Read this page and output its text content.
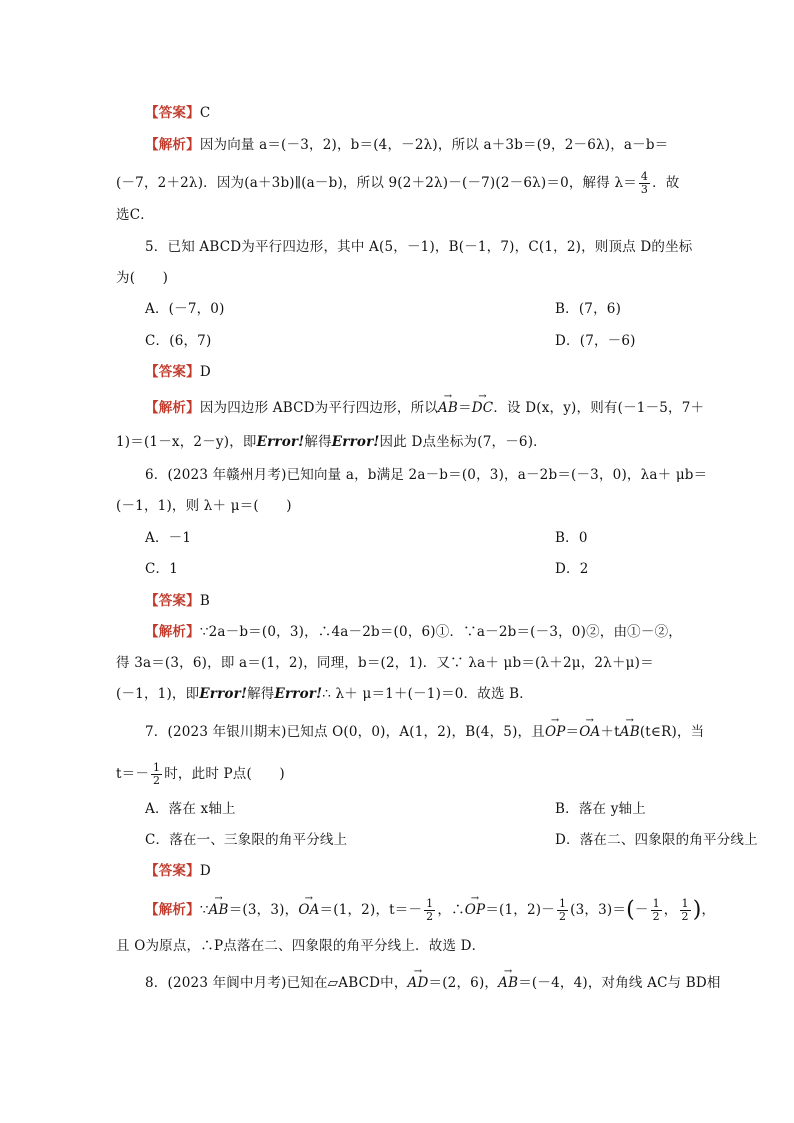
【答案】C
【解析】因为向量 a＝(－3，2)，b＝(4，－2λ)，所以 a＋3b＝(9，2－6λ)，a－b＝
(－7，2＋2λ)．因为(a＋3b)∥(a－b)，所以 9(2＋2λ)－(－7)(2－6λ)＝0，解得 $\lambda= \frac{4}{3}$ ．故
选C．
5．已知 ABCD为平行四边形，其中 A(5，－1)，B(－1，7)，C(1，2)，则顶点 D的坐标
为(　　)
A．(－7，0)	B．(7，6)
C．(6，7)	D．(7，－6)
【答案】D
【解析】因为四边形 ABCD为平行四边形，所以→ AB＝→ DC．设 D(x，y)，则有(－1－5，7＋
1)＝(1－x，2－y)，即Error!解得Error!因此 D点坐标为(7，－6)．
6．(2023 年赣州月考)已知向量 a，b满足 2a－b＝(0，3)，a－2b＝(－3，0)，λa＋ μb＝
(－1，1)，则 λ＋ μ＝(　　)
A．－1	B．0
C．1	D．2
【答案】B
【解析】∵2a－b＝(0，3)，∴4a－2b＝(0，6)①．∵a－2b＝(－3，0)②，由①－②，
得 3a＝(3，6)，即 a＝(1，2)，同理，b＝(2，1)．又∵ λa＋ μb＝(λ＋2μ，2λ＋μ)＝
(－1，1)，即Error!解得Error!∴ λ＋ μ＝1＋(－1)＝0．故选 B．
7．(2023 年银川期末)已知点 O(0，0)，A(1，2)，B(4，5)，且→ OP＝→ OA＋t→ AB(t∈R)，当
$t=- \frac{1}{2}$ 时，此时 P点(　　)
A．落在 x轴上	B．落在 y轴上
C．落在一、三象限的角平分线上	D．落在二、四象限的角平分线上
【答案】D
【解析】∵→ AB＝(3，3)，→ OA＝(1，2)，$t=- \frac{1}{2}$ ，∴→ OP＝(1，$2)- \frac{1}{2} (3$，$3)=(- \frac{1}{2}$ ， $\frac{1}{2}$ )，
且 O为原点，∴P点落在二、四象限的角平分线上．故选 D．
8．(2023 年阆中月考)已知在▱ABCD中，→ AD＝(2，6)，→ AB＝(－4，4)，对角线 AC与 BD相
